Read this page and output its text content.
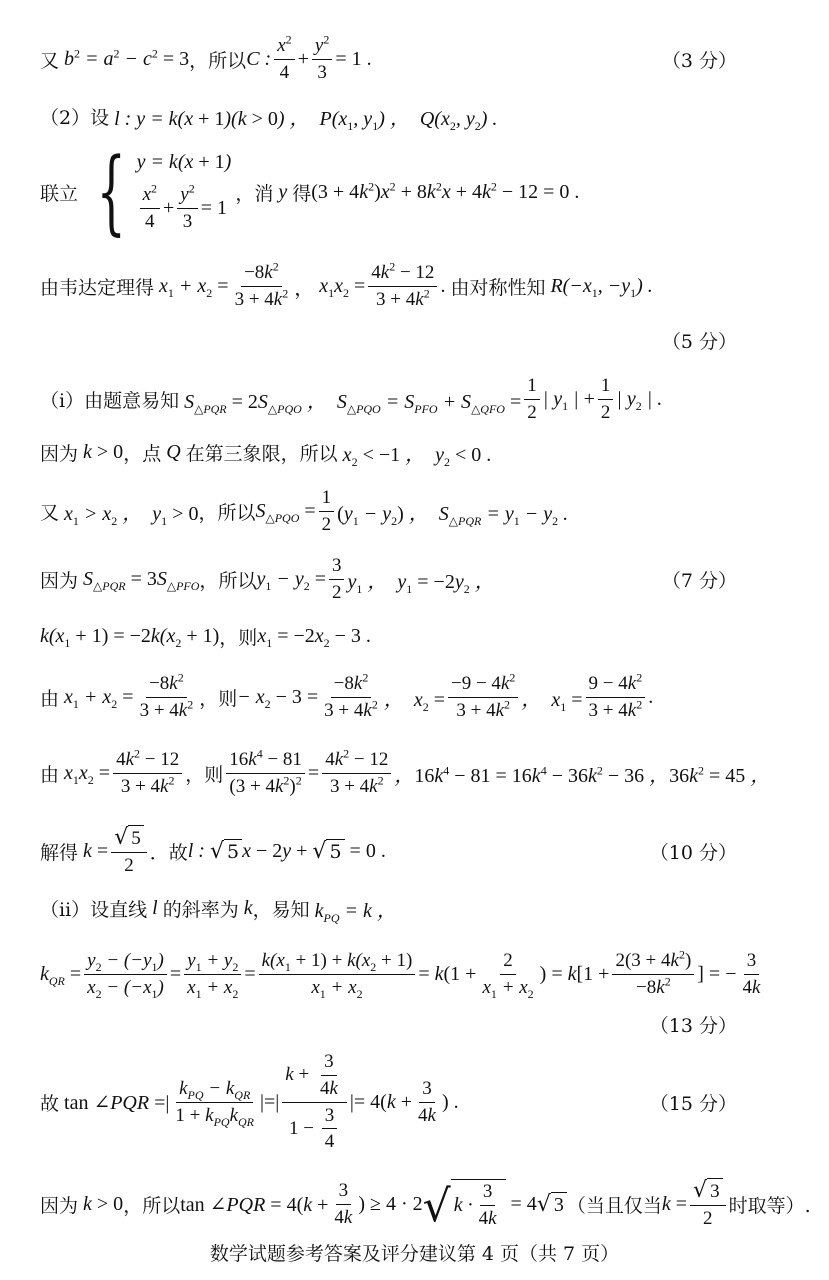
又 $b^2 = a^2 - c^2 = 3$ ，所以 C : $\frac{x^2}{4} + \frac{y^2}{3} = 1$ .	（3 分）
（2）设 l : y = k(x + 1)(k > 0) ，  $P(x_1$, $y_1$) ，  $Q(x_2$, $y_2$) .
联立 { y = k(x + 1)
$\frac{x^2}{4} + \frac{y^2}{3} = 1$
，消 y 得 $(3 + 4k^2)x^2 + 8k^2x + 4k^2 - 12 = 0$ .
由韦达定理得 $x_1 + x_2 = \frac{-8k^2}{3 + 4k^2}$ ， $x_1x_2 = \frac{4k^2 - 12}{3 + 4k^2}$ . 由对称性知 $R(-x_1$, $-y_1$) .
（5 分）
（ⅰ）由题意易知 $S_{\triangle PQR} = 2S_{\triangle PQO}$ ，  $S_{\triangle PQO} = S_{PFO} + S_{\triangle QFO} = \frac{1}{2}$ | $y_1$ | + $\frac{1}{2}$ | $y_2$ | .
因为 k > 0 ，点 Q 在第三象限，所以 $x_2 < -1$ ，  $y_2 < 0$ .
又 $x_1 > x_2$ ，  $y_1 > 0$ ，所以 $S_{\triangle PQO} = \frac{1}{2} (y_1 - y_2)$ ，  $S_{\triangle PQR} = y_1 - y_2$ .
因为 $S_{\triangle PQR} = 3S_{\triangle PFO}$ ，所以 $y_1 - y_2 = \frac{3}{2} y_1$ ，  $y_1 = -2y_2$ ，	（7 分）
$k(x_1 + 1) = -2k(x_2 + 1)$ ，则 $x_1 = -2x_2 - 3$ .
由 $x_1 + x_2 = \frac{-8k^2}{3 + 4k^2}$ ，则 − $x_2 - 3 = \frac{-8k^2}{3 + 4k^2}$ ，  $x_2 = \frac{-9 - 4k^2}{3 + 4k^2}$ ，  $x_1 = \frac{9 - 4k^2}{3 + 4k^2}$ .
由 $x_1x_2 = \frac{4k^2 - 12}{3 + 4k^2}$ ，则 $\frac{16k^4 - 81}{(3 + 4k^2)^2} = \frac{4k^2 - 12}{3 + 4k^2}$ ，$16k^4 - 81 = 16k^4 - 36k^2 - 36$ ，$36k^2 = 45$ ，
解得 $k = \frac{√ 5}{2}$ ．故 l : √ 5 x − 2y + √ 5 = 0 .	（10 分）
（ⅱ）设直线 l 的斜率为 k ，易知 $k_{PQ} = k$ ，
$k_{QR} = \frac{y_2 - (-y_1)}{x_2 - (-x_1)} = \frac{y_1 + y_2}{x_1 + x_2} = \frac{k(x_1 + 1) + k(x_2 + 1)}{x_1 + x_2} = k(1 + \frac{2}{x_1 + x_2}$ ) = $k[1 + \frac{2(3 + 4k^2)}{-8k^2}$ ] = − $\frac{3}{4k}$
（13 分）
故 tan ∠PQR =| $\frac{k_{PQ} - k_{QR}}{1 + k_{PQ}k_{QR}}$ |=| $\frac{k + \frac{3}{4k}}{1 - \frac{3}{4}}$ |= $4(k + \frac{3}{4k}$ ) .	（15 分）
因为 k > 0 ，所以 tan ∠PQR = $4(k + \frac{3}{4k}$ ) ≥ 4 · 2 √ $k \cdot \frac{3}{4k} = 4$ √ 3 （当且仅当 $k = \frac{√ 3}{2}$ 时取等）.
数学试题参考答案及评分建议第 4 页（共 7 页）
